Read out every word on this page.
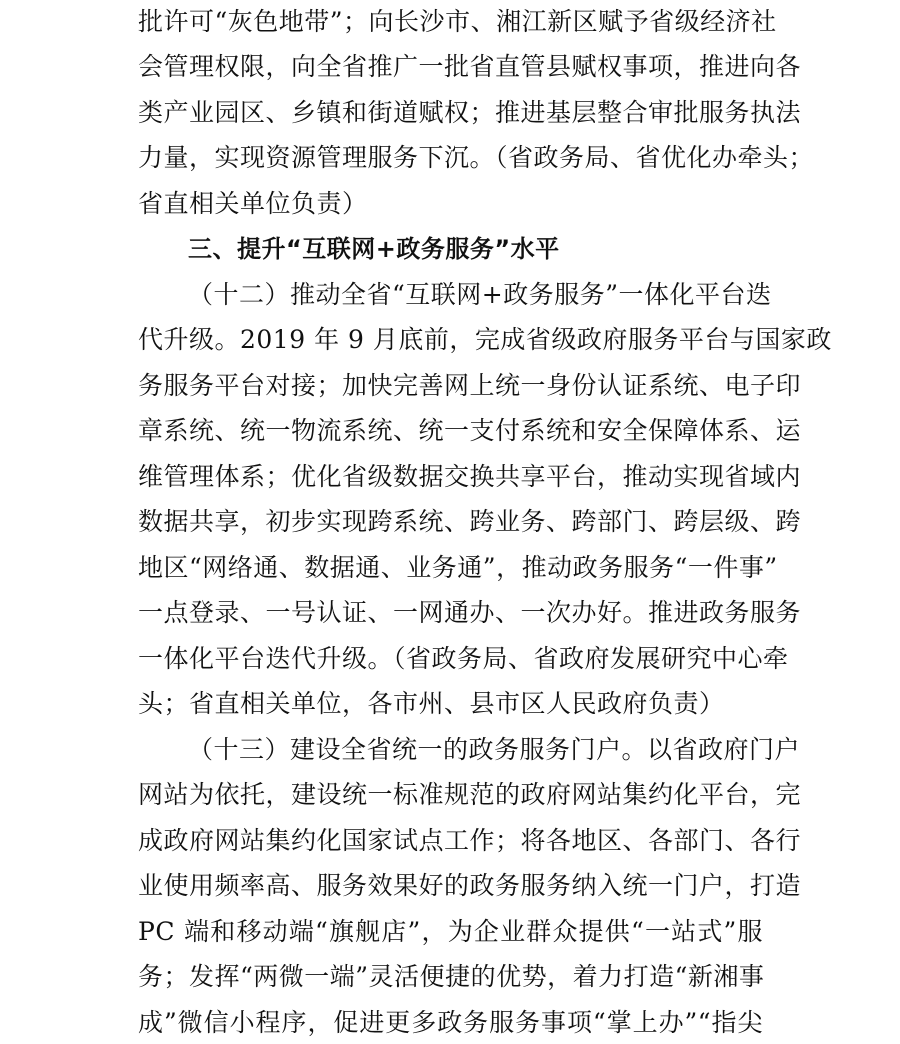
批许可“灰色地带”；向长沙市、湘江新区赋予省级经济社
会管理权限，向全省推广一批省直管县赋权事项，推进向各
类产业园区、乡镇和街道赋权；推进基层整合审批服务执法
力量，实现资源管理服务下沉。（省政务局、省优化办牵头；
省直相关单位负责）
三、提升“互联网+政务服务”水平
（十二）推动全省“互联网+政务服务”一体化平台迭
代升级。2019 年 9 月底前，完成省级政府服务平台与国家政
务服务平台对接；加快完善网上统一身份认证系统、电子印
章系统、统一物流系统、统一支付系统和安全保障体系、运
维管理体系；优化省级数据交换共享平台，推动实现省域内
数据共享，初步实现跨系统、跨业务、跨部门、跨层级、跨
地区“网络通、数据通、业务通”，推动政务服务“一件事”
一点登录、一号认证、一网通办、一次办好。推进政务服务
一体化平台迭代升级。（省政务局、省政府发展研究中心牵
头；省直相关单位，各市州、县市区人民政府负责）
（十三）建设全省统一的政务服务门户。以省政府门户
网站为依托，建设统一标准规范的政府网站集约化平台，完
成政府网站集约化国家试点工作；将各地区、各部门、各行
业使用频率高、服务效果好的政务服务纳入统一门户，打造
PC 端和移动端“旗舰店”，为企业群众提供“一站式”服
务；发挥“两微一端”灵活便捷的优势，着力打造“新湘事
成”微信小程序，促进更多政务服务事项“掌上办”“指尖
